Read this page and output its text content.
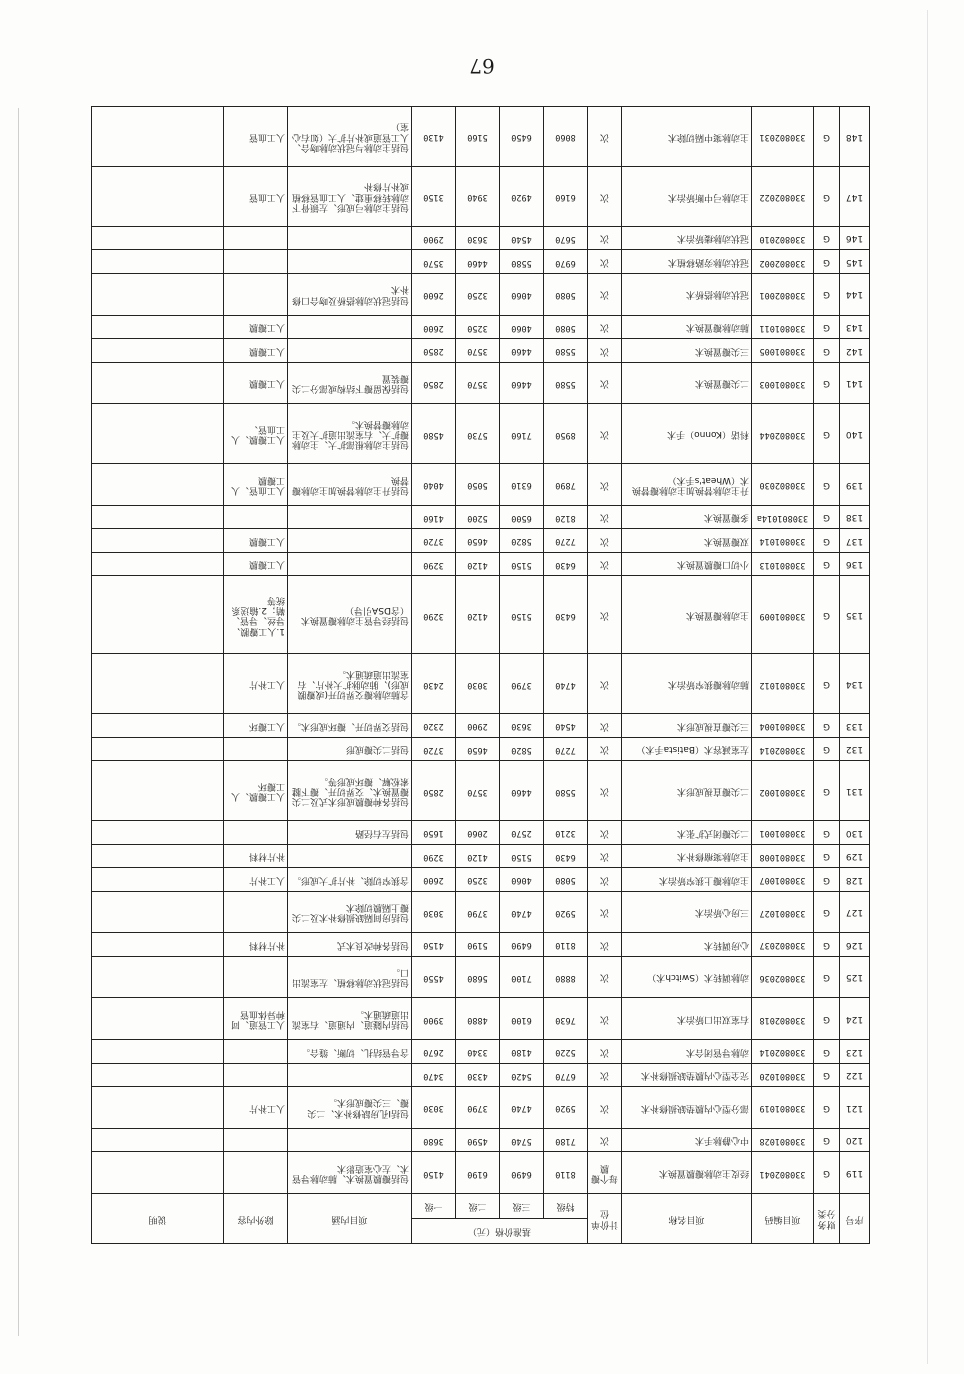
67
序号	财务分类	项目编码	项目名称	计价单位	基准价格（元）				项目内涵	除外内容	说明
					特级	三级	二级	一级			
119	G	330802041	经皮主动脉瓣膜置换术	每个瓣膜	8110	6490	6190	4150	包括瓣膜置换术、肺动脉导管术、左心室造影术		
120	G	330801028	中心静脉手术	次	7180	5740	4590	3680			
121	G	330801019	部分型心内膜垫缺损修补术	次	5920	4740	3790	3030	包括Ⅰ孔房缺修补术、二尖瓣、三尖瓣成形术。	人工补片	
122	G	330801020	完全型心内膜垫缺损修补术	次	6770	5420	4330	3470			
123	G	330802014	动脉导管闭合术	次	5220	4180	3340	2670	含导管结扎、切断、缝合。		
124	G	330802018	右室双出口矫治术	次	7630	6100	4880	3900	包括内隧道、内通道、右室流出道疏通术。	人工管道、同种异体血管	
125	G	330802036	动脉调转术（Switch术）	次	8880	7100	5680	4550	包括冠状动脉移植、左室流出口。		
126	G	330802037	心房调转术	次	8110	6490	5190	4150	包括各种改良术式	补片材料	
127	G	330801027	三房心矫治术	次	5920	4740	3790	3030	包括房间隔缺损修补术及二尖瓣上隔膜切除术		
128	G	330801007	主动脉瓣上狭窄矫治术	次	5080	4060	3250	2600	含狭窄切除、补片扩大成形。	人工补片	
129	G	330801008	主动脉窦瘤修补术	次	6430	5150	4120	3290		补片材料	
130	G	330801001	二尖瓣闭式扩张术	次	3210	2570	2060	1650	包括左右径路		
131	G	330801002	二尖瓣直视成形术	次	5580	4460	3570	2850	包括各种瓣膜成形术式及二尖瓣置换术、交界切开、瓣下腱索松解、瓣环成形等。	人工瓣膜、人工瓣环	
132	G	330802014	左室减容术（Batista手术）	次	7270	5820	4650	3720	包括二尖瓣成形		
133	G	330801004	三尖瓣直视成形术	次	4540	3630	2900	2320	包括交界切开、瓣环成形术。	人工瓣环	
134	G	330801012	肺动脉瓣狭窄矫治术	次	4740	3790	3030	2430	含肺动脉瓣交界切开(或瓣膜成形)、肺动脉扩大补片、右室流出道疏通术。	人工补片	
135	G	330801009	主动脉瓣置换术	次	6430	5150	4120	3290	包括经导管主动脉瓣置换术（含DSA引导）	1.人工瓣膜、导丝、导管、鞘；2.输送系统等	
136	G	330801013	小切口瓣膜置换术	次	6430	5150	4120	3290		人工瓣膜	
137	G	330801014	双瓣置换术	次	7270	5820	4650	3720		人工瓣膜	
138	G	330801014a	多瓣置换术	次	8120	6500	5200	4160			
139	G	330802030	升主动脉替换加主动脉瓣替换术（Wheat's手术）	次	7890	6310	5050	4040	包括升主动脉替换加主动脉瓣替换	人工血管、人工瓣膜	
140	G	330802044	科诺（Konno）手术	次	8950	7160	5730	4580	包括主动脉根部扩大、主动脉瓣扩大、右室流出道扩大及主动脉瓣替换术。	人工瓣膜、人工血管、	
141	G	330801003	二尖瓣置换术	次	5580	4460	3570	2850	包括保留瓣下结构或部分二尖瓣装置	人工瓣膜	
142	G	330801005	三尖瓣置换术	次	5580	4460	3570	2850		人工瓣膜	
143	G	330801011	肺动脉瓣置换术	次	5080	4060	3250	2600		人工瓣膜	
144	G	330802001	冠状动脉搭桥术	次	5080	4060	3250	2600	包括冠状动脉搭桥及吻合口修补术		
145	G	330802002	冠状动脉旁路移植术	次	6970	5580	4460	3570			
146	G	330802010	冠状动脉瘘矫治术	次	5670	4540	3630	2900			
147	G	330802022	主动脉弓中断矫治术	次	6160	4920	3940	3150	包括主动脉弓成形、左锁骨下动脉转移重建、人工血管移植或补片修补	人工血管	
148	G	330802031	主动脉窦中隔切除术	次	8060	6450	5160	4130	包括主动脉与冠状动脉吻合、人工管道或补片扩大（如右心室）	人工血管	
